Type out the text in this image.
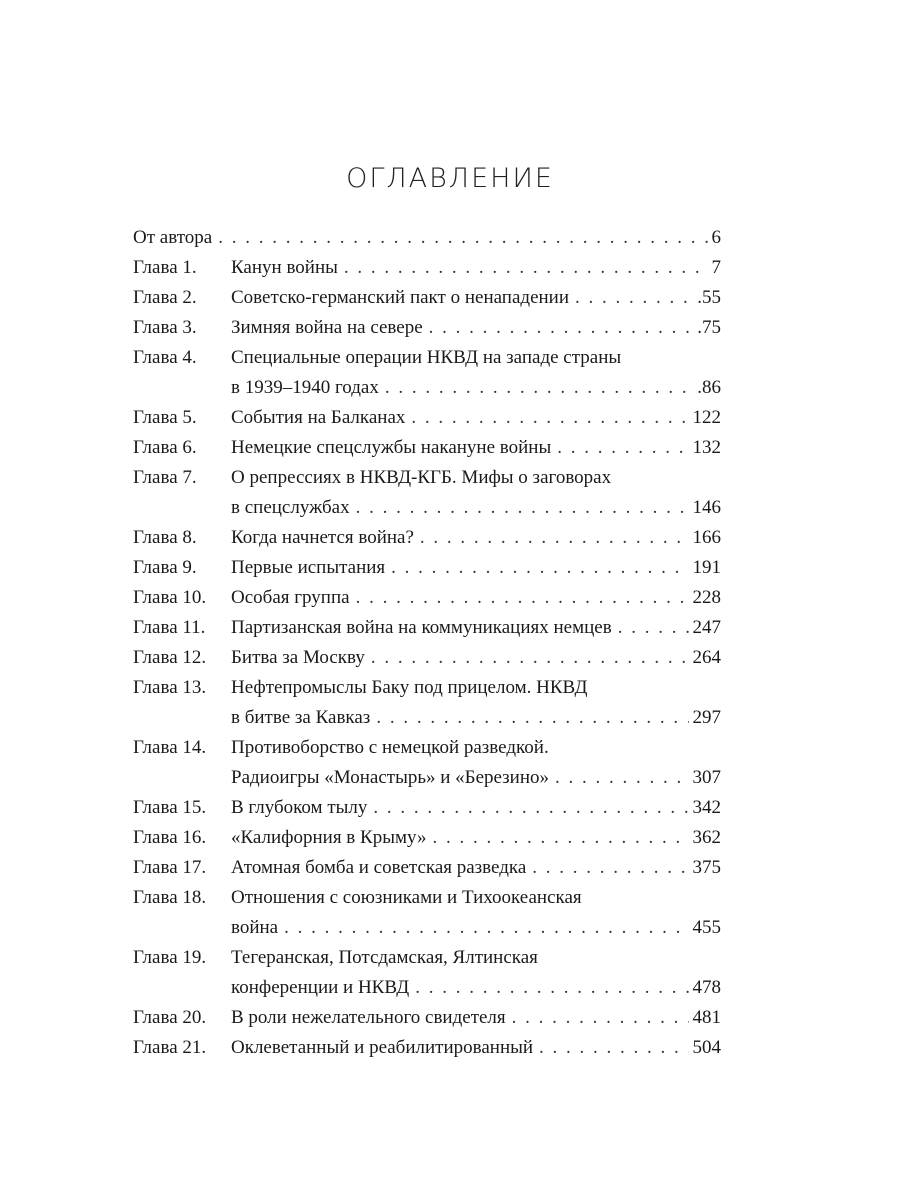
ОГЛАВЛЕНИЕ
От автора . . .	6
Глава 1. Канун войны . . .	7
Глава 2. Советско-германский пакт о ненападении . . .	.55
Глава 3. Зимняя война на севере . . .	.75
Глава 4. Специальные операции НКВД на западе страны
в 1939–1940 годах . . .	.86
Глава 5. События на Балканах . . .	122
Глава 6. Немецкие спецслужбы накануне войны . . .	132
Глава 7. О репрессиях в НКВД-КГБ. Мифы о заговорах
в спецслужбах . . .	146
Глава 8. Когда начнется война? . . .	166
Глава 9. Первые испытания . . .	191
Глава 10. Особая группа . . .	228
Глава 11. Партизанская война на коммуникациях немцев . . .	247
Глава 12. Битва за Москву . . .	264
Глава 13. Нефтепромыслы Баку под прицелом. НКВД
в битве за Кавказ . . .	297
Глава 14. Противоборство с немецкой разведкой.
Радиоигры «Монастырь» и «Березино» . . .	307
Глава 15. В глубоком тылу . . .	342
Глава 16. «Калифорния в Крыму» . . .	362
Глава 17. Атомная бомба и советская разведка . . .	375
Глава 18. Отношения с союзниками и Тихоокеанская
война . . .	455
Глава 19. Тегеранская, Потсдамская, Ялтинская
конференции и НКВД . . .	478
Глава 20. В роли нежелательного свидетеля . . .	481
Глава 21. Оклеветанный и реабилитированный . . .	504
